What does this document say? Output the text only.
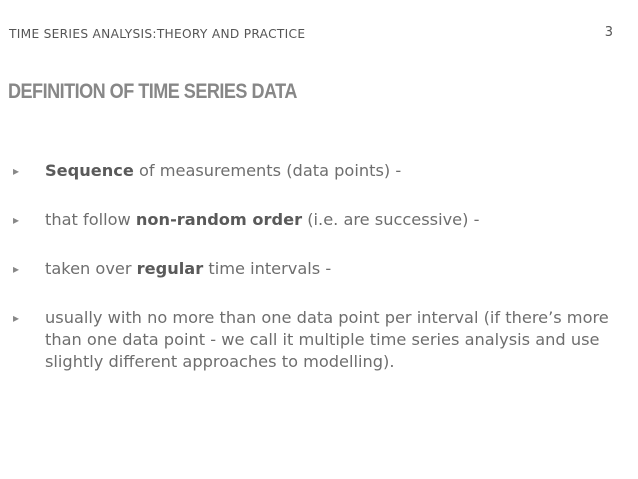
TIME SERIES ANALYSIS:THEORY AND PRACTICE	3
DEFINITION OF TIME SERIES DATA
▸ Sequence of measurements (data points) -
▸ that follow non-random order (i.e. are successive) -
▸ taken over regular time intervals -
▸ usually with no more than one data point per interval (if there’s more than one data point - we call it multiple time series analysis and use slightly different approaches to modelling).
